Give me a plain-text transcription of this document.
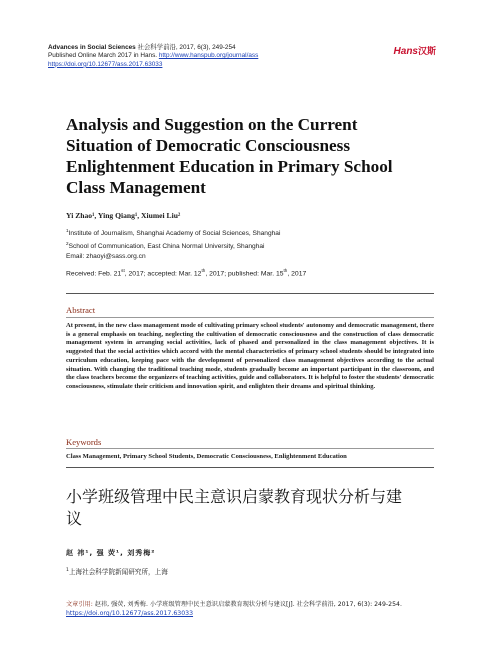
Advances in Social Sciences 社会科学前沿, 2017, 6(3), 249-254
Published Online March 2017 in Hans. http://www.hanspub.org/journal/ass
https://doi.org/10.12677/ass.2017.63033
Hans汉斯
Analysis and Suggestion on the Current Situation of Democratic Consciousness Enlightenment Education in Primary School Class Management
Yi Zhao¹, Ying Qiang¹, Xiumei Liu²
$^1$Institute of Journalism, Shanghai Academy of Social Sciences, Shanghai
$^2$School of Communication, East China Normal University, Shanghai
Email: zhaoyi@sass.org.cn
Received: Feb. 21st, 2017; accepted: Mar. 12th, 2017; published: Mar. 15th, 2017
Abstract
At present, in the new class management mode of cultivating primary school students' autonomy and democratic management, there is a general emphasis on teaching, neglecting the cultivation of democratic consciousness and the construction of class democratic management system in arranging social activities, lack of phased and personalized in the class management objectives. It is suggested that the social activities which accord with the mental characteristics of primary school students should be integrated into curriculum education, keeping pace with the development of personalized class management objectives according to the actual situation. With changing the traditional teaching mode, students gradually become an important participant in the classroom, and the class teachers become the organizers of teaching activities, guide and collaborators. It is helpful to foster the students' democratic consciousness, stimulate their criticism and innovation spirit, and enlighten their dreams and spiritual thinking.
Keywords
Class Management, Primary School Students, Democratic Consciousness, Enlightenment Education
小学班级管理中民主意识启蒙教育现状分析与建议
赵 祎¹, 强 荧¹, 刘秀梅²
$^1$上海社会科学院新闻研究所，上海
文章引用: 赵祎, 强荧, 刘秀梅. 小学班级管理中民主意识启蒙教育现状分析与建议[J]. 社会科学前沿, 2017, 6(3): 249-254. https://doi.org/10.12677/ass.2017.63033
